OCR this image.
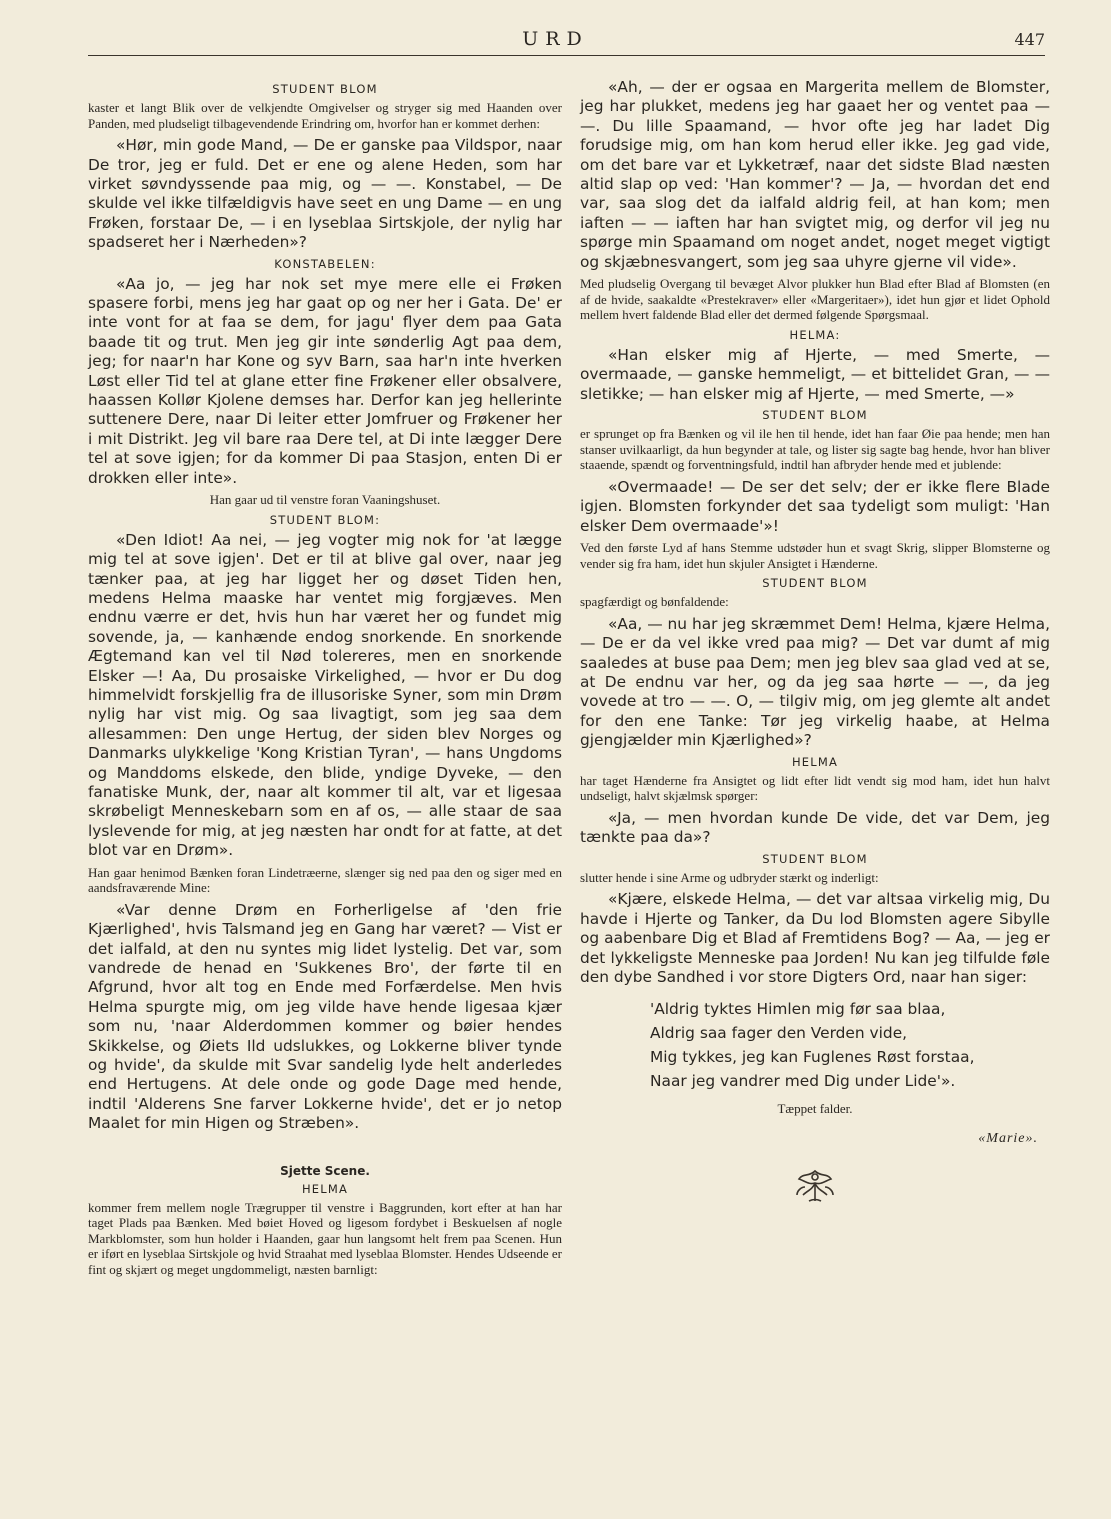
URD	447
STUDENT BLOM
kaster et langt Blik over de velkjendte Omgivelser og stryger sig med Haanden over Panden, med pludseligt tilbagevendende Erindring om, hvorfor han er kommet derhen:
«Hør, min gode Mand, — De er ganske paa Vildspor, naar De tror, jeg er fuld. Det er ene og alene Heden, som har virket søvndyssende paa mig, og — —. Konstabel, — De skulde vel ikke tilfældigvis have seet en ung Dame — en ung Frøken, forstaar De, — i en lyseblaa Sirtskjole, der nylig har spadseret her i Nærheden»?
KONSTABELEN:
«Aa jo, — jeg har nok set mye mere elle ei Frøken spasere forbi, mens jeg har gaat op og ner her i Gata. De' er inte vont for at faa se dem, for jagu' flyer dem paa Gata baade tit og trut. Men jeg gir inte sønderlig Agt paa dem, jeg; for naar'n har Kone og syv Barn, saa har'n inte hverken Løst eller Tid tel at glane etter fine Frøkener eller obsalvere, haassen Kollør Kjolene demses har. Derfor kan jeg hellerinte suttenere Dere, naar Di leiter etter Jomfruer og Frøkener her i mit Distrikt. Jeg vil bare raa Dere tel, at Di inte lægger Dere tel at sove igjen; for da kommer Di paa Stasjon, enten Di er drokken eller inte».
Han gaar ud til venstre foran Vaaningshuset.
STUDENT BLOM:
«Den Idiot! Aa nei, — jeg vogter mig nok for 'at lægge mig tel at sove igjen'. Det er til at blive gal over, naar jeg tænker paa, at jeg har ligget her og døset Tiden hen, medens Helma maaske har ventet mig forgjæves. Men endnu værre er det, hvis hun har været her og fundet mig sovende, ja, — kanhænde endog snorkende. En snorkende Ægtemand kan vel til Nød tolereres, men en snorkende Elsker —! Aa, Du prosaiske Virkelighed, — hvor er Du dog himmelvidt forskjellig fra de illusoriske Syner, som min Drøm nylig har vist mig. Og saa livagtigt, som jeg saa dem allesammen: Den unge Hertug, der siden blev Norges og Danmarks ulykkelige 'Kong Kristian Tyran', — hans Ungdoms og Manddoms elskede, den blide, yndige Dyveke, — den fanatiske Munk, der, naar alt kommer til alt, var et ligesaa skrøbeligt Menneskebarn som en af os, — alle staar de saa lyslevende for mig, at jeg næsten har ondt for at fatte, at det blot var en Drøm».
Han gaar henimod Bænken foran Lindetræerne, slænger sig ned paa den og siger med en aandsfraværende Mine:
«Var denne Drøm en Forherligelse af 'den frie Kjærlighed', hvis Talsmand jeg en Gang har været? — Vist er det ialfald, at den nu syntes mig lidet lystelig. Det var, som vandrede de henad en 'Sukkenes Bro', der førte til en Afgrund, hvor alt tog en Ende med Forfærdelse. Men hvis Helma spurgte mig, om jeg vilde have hende ligesaa kjær som nu, 'naar Alderdommen kommer og bøier hendes Skikkelse, og Øiets Ild udslukkes, og Lokkerne bliver tynde og hvide', da skulde mit Svar sandelig lyde helt anderledes end Hertugens. At dele onde og gode Dage med hende, indtil 'Alderens Sne farver Lokkerne hvide', det er jo netop Maalet for min Higen og Stræben».
Sjette Scene.
HELMA
kommer frem mellem nogle Trægrupper til venstre i Baggrunden, kort efter at han har taget Plads paa Bænken. Med bøiet Hoved og ligesom fordybet i Beskuelsen af nogle Markblomster, som hun holder i Haanden, gaar hun langsomt helt frem paa Scenen. Hun er iført en lyseblaa Sirtskjole og hvid Straahat med lyseblaa Blomster. Hendes Udseende er fint og skjært og meget ungdommeligt, næsten barnligt:
«Ah, — der er ogsaa en Margerita mellem de Blomster, jeg har plukket, medens jeg har gaaet her og ventet paa — —. Du lille Spaamand, — hvor ofte jeg har ladet Dig forudsige mig, om han kom herud eller ikke. Jeg gad vide, om det bare var et Lykketræf, naar det sidste Blad næsten altid slap op ved: 'Han kommer'? — Ja, — hvordan det end var, saa slog det da ialfald aldrig feil, at han kom; men iaften — — iaften har han svigtet mig, og derfor vil jeg nu spørge min Spaamand om noget andet, noget meget vigtigt og skjæbnesvangert, som jeg saa uhyre gjerne vil vide».
Med pludselig Overgang til bevæget Alvor plukker hun Blad efter Blad af Blomsten (en af de hvide, saakaldte «Prestekraver» eller «Margeritaer»), idet hun gjør et lidet Ophold mellem hvert faldende Blad eller det dermed følgende Spørgsmaal.
HELMA:
«Han elsker mig af Hjerte, — med Smerte, — overmaade, — ganske hemmeligt, — et bittelidet Gran, — — sletikke; — han elsker mig af Hjerte, — med Smerte, —»
STUDENT BLOM
er sprunget op fra Bænken og vil ile hen til hende, idet han faar Øie paa hende; men han stanser uvilkaarligt, da hun begynder at tale, og lister sig sagte bag hende, hvor han bliver staaende, spændt og forventningsfuld, indtil han afbryder hende med et jublende:
«Overmaade! — De ser det selv; der er ikke flere Blade igjen. Blomsten forkynder det saa tydeligt som muligt: 'Han elsker Dem overmaade'»!
Ved den første Lyd af hans Stemme udstøder hun et svagt Skrig, slipper Blomsterne og vender sig fra ham, idet hun skjuler Ansigtet i Hænderne.
STUDENT BLOM
spagfærdigt og bønfaldende:
«Aa, — nu har jeg skræmmet Dem! Helma, kjære Helma, — De er da vel ikke vred paa mig? — Det var dumt af mig saaledes at buse paa Dem; men jeg blev saa glad ved at se, at De endnu var her, og da jeg saa hørte — —, da jeg vovede at tro — —. O, — tilgiv mig, om jeg glemte alt andet for den ene Tanke: Tør jeg virkelig haabe, at Helma gjengjælder min Kjærlighed»?
HELMA
har taget Hænderne fra Ansigtet og lidt efter lidt vendt sig mod ham, idet hun halvt undseligt, halvt skjælmsk spørger:
«Ja, — men hvordan kunde De vide, det var Dem, jeg tænkte paa da»?
STUDENT BLOM
slutter hende i sine Arme og udbryder stærkt og inderligt:
«Kjære, elskede Helma, — det var altsaa virkelig mig, Du havde i Hjerte og Tanker, da Du lod Blomsten agere Sibylle og aabenbare Dig et Blad af Fremtidens Bog? — Aa, — jeg er det lykkeligste Menneske paa Jorden! Nu kan jeg tilfulde føle den dybe Sandhed i vor store Digters Ord, naar han siger:
'Aldrig tyktes Himlen mig før saa blaa,
Aldrig saa fager den Verden vide,
Mig tykkes, jeg kan Fuglenes Røst forstaa,
Naar jeg vandrer med Dig under Lide'».
Tæppet falder.
«Marie».
